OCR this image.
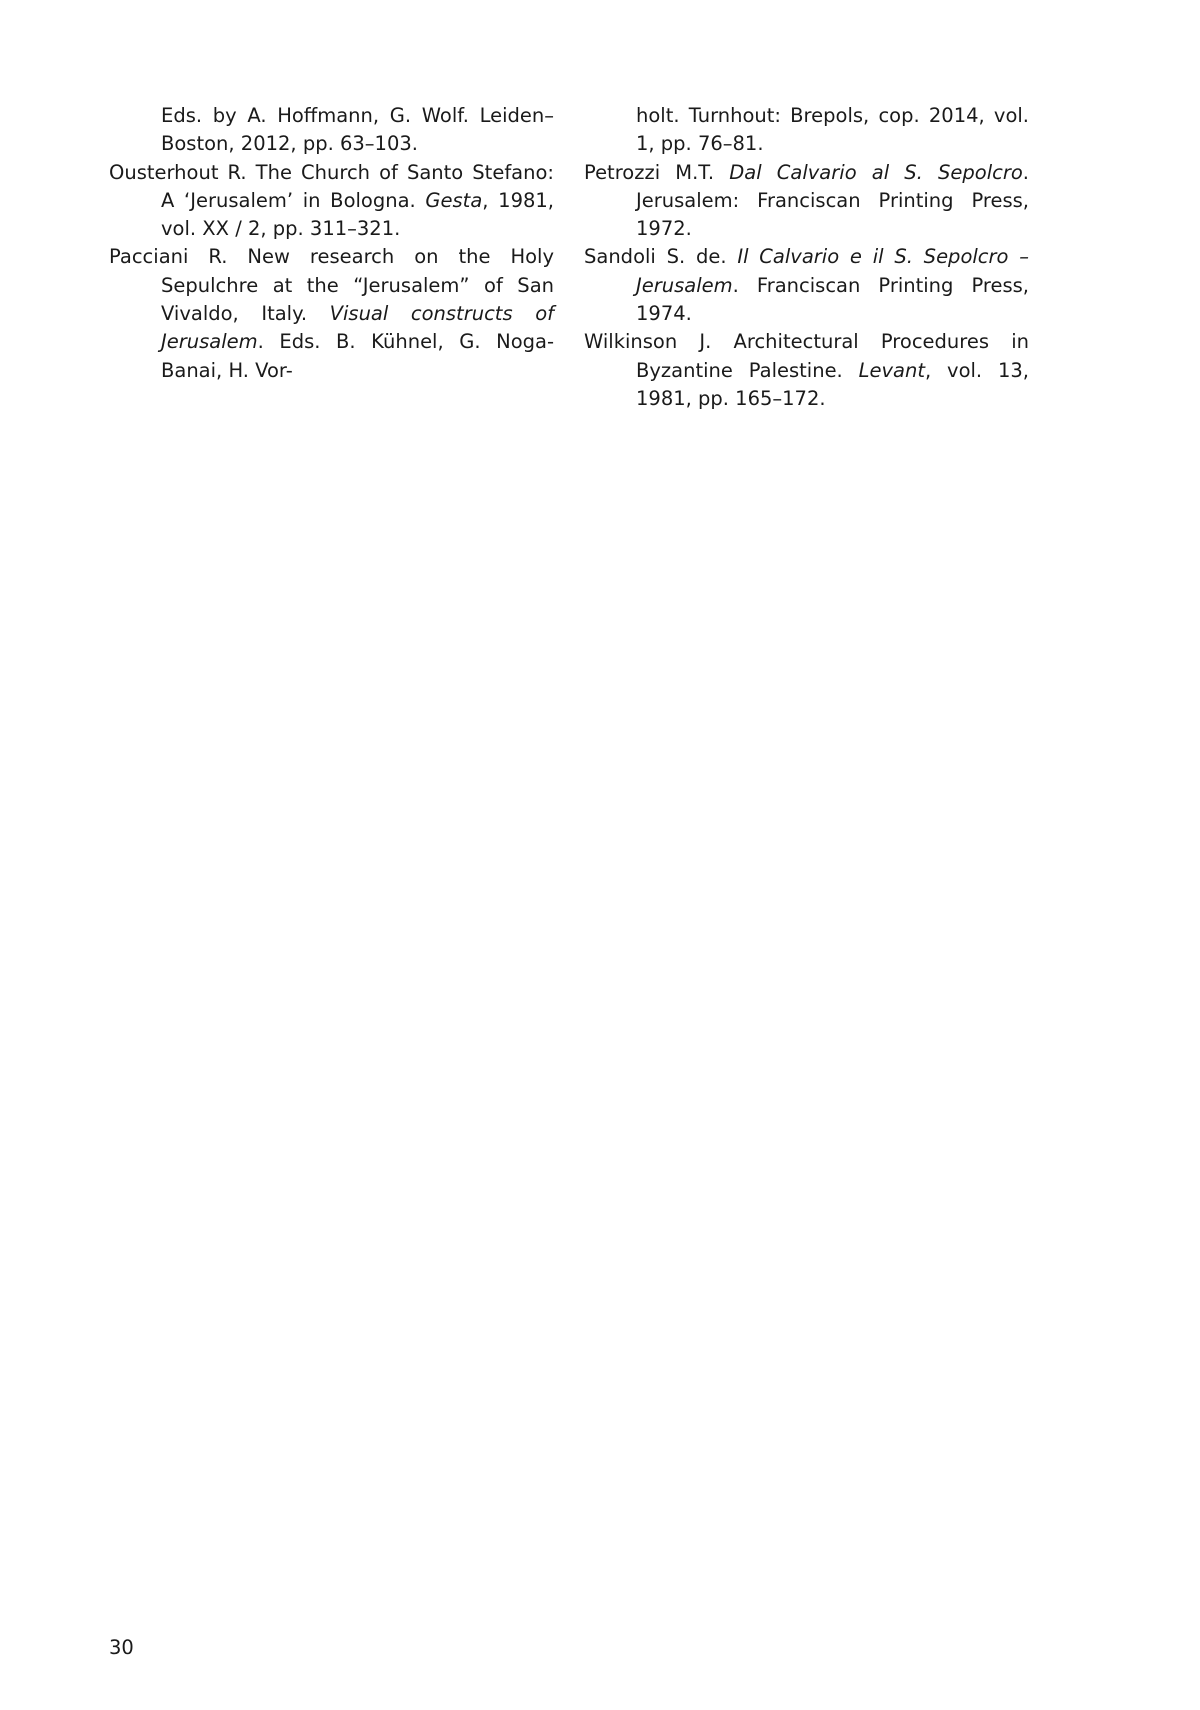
Eds. by A. Hoffmann, G. Wolf. Leiden–Boston, 2012, pp. 63–103.

Ousterhout R. The Church of Santo Stefano: A ‘Jerusalem’ in Bologna. Gesta, 1981, vol. XX / 2, pp. 311–321.

Pacciani R. New research on the Holy Sepulchre at the “Jerusalem” of San Vivaldo, Italy. Visual constructs of Jerusalem. Eds. B. Kühnel, G. Noga-Banai, H. Vor-

holt. Turnhout: Brepols, cop. 2014, vol. 1, pp. 76–81.

Petrozzi M.T. Dal Calvario al S. Sepolcro. Jerusalem: Franciscan Printing Press, 1972.

Sandoli S. de. Il Calvario e il S. Sepolcro – Jerusalem. Franciscan Printing Press, 1974.

Wilkinson J. Architectural Procedures in Byzantine Palestine. Levant, vol. 13, 1981, pp. 165–172.

30
